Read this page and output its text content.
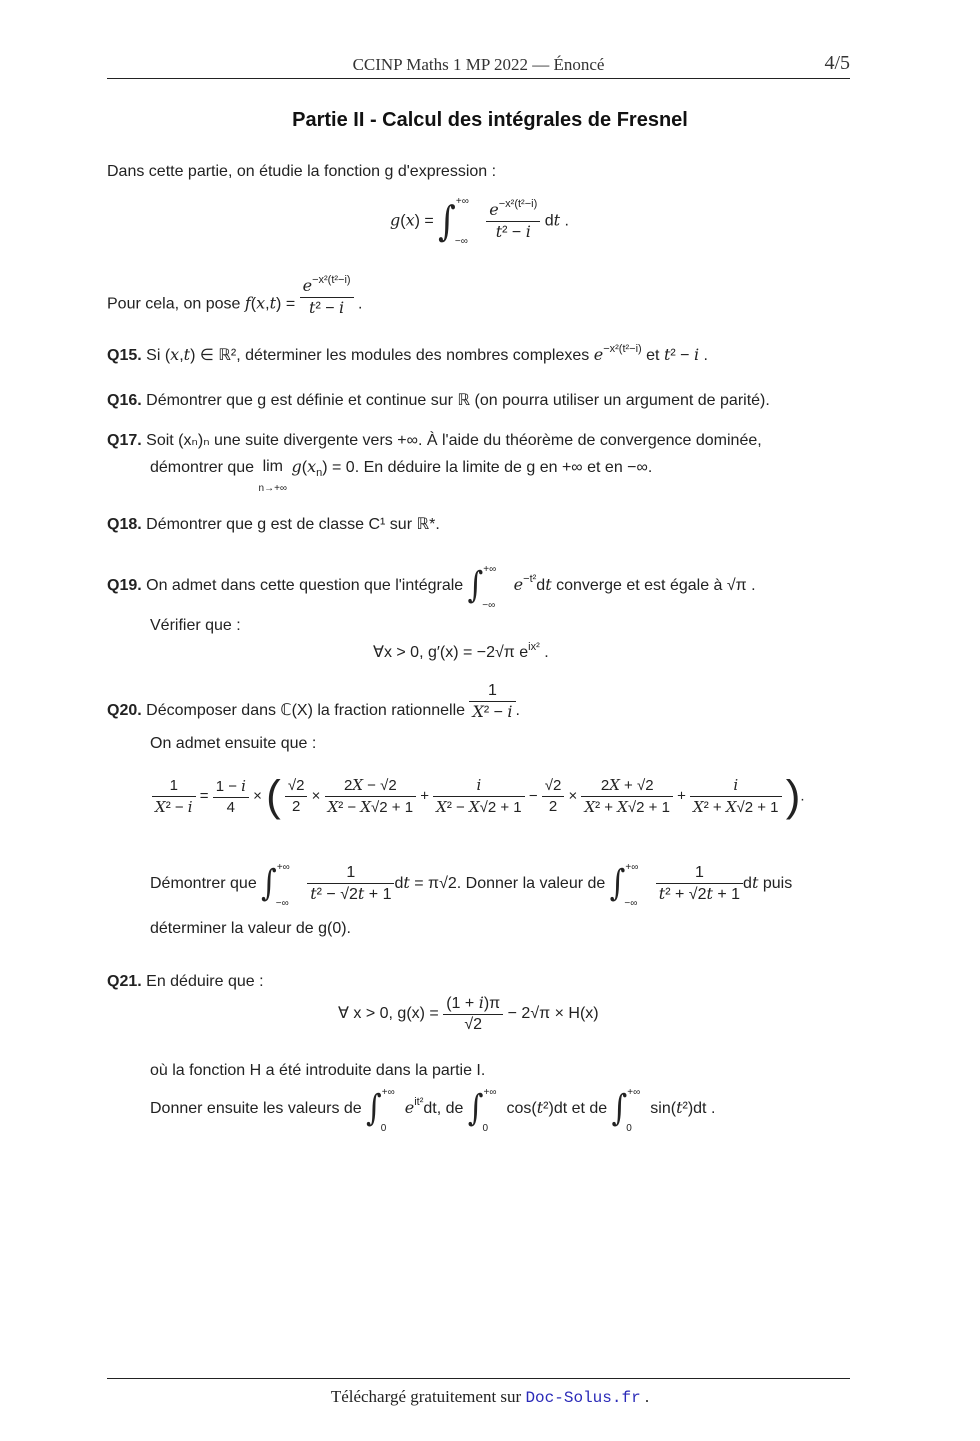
CCINP Maths 1 MP 2022 — Énoncé	4/5
Partie II - Calcul des intégrales de Fresnel
Dans cette partie, on étudie la fonction g d'expression :
$g(x) = \int^{+\infty}_{-\infty} \frac{e^{-x^2(t^2-i)}}{\text{t² − i}}$ dt .
Pour cela, on pose $f(x,t) = \frac{e^{-x^2(t^2-i)}}{\text{t² − i}}$ .
Q15. Si (x,t) ∈ ℝ², déterminer les modules des nombres complexes $e^{-x^2(t^2-i)}$ et t² − i .
Q16. Démontrer que g est définie et continue sur ℝ (on pourra utiliser un argument de parité).
Q17. Soit (xₙ)ₙ une suite divergente vers +∞. À l'aide du théorème de convergence dominée,
démontrer que lim
n→+∞ $g(x_n) = 0$. En déduire la limite de g en +∞ et en −∞.
Q18. Démontrer que g est de classe C¹ sur ℝ*.
Q19. On admet dans cette question que l'intégrale $\int^{+\infty}_{-\infty}$ $e^{-t^2}dt$ converge et est égale à √π .
Vérifier que :
∀x > 0, g′(x) = −2√π $e^{ix^2}$ .
Q20. Décomposer dans ℂ(X) la fraction rationnelle $\frac{1}{\text{X² − i}}$ .
On admet ensuite que :
$\frac{1}{\text{X² − i}} = \frac{1 - i}{4}$ × ( $\frac{√2}{2} \times \frac{2X - √2}{\text{X² − X√2 + 1}} + \frac{i}{\text{X² − X√2 + 1}} - \frac{√2}{2} \times \frac{2X + √2}{\text{X² + X√2 + 1}} + \frac{i}{\text{X² + X√2 + 1}}$ ).
Démontrer que $\int^{+\infty}_{-\infty} \frac{1}{\text{t² − √2t + 1}}$ dt = π√2. Donner la valeur de $\int^{+\infty}_{-\infty} \frac{1}{\text{t² + √2t + 1}}$ dt puis
déterminer la valeur de g(0).
Q21. En déduire que :
∀ x > 0, $g(x) = \frac{(1 + i)\pi}{√2} - 2√\pi \times H(x)$
où la fonction H a été introduite dans la partie I.
Donner ensuite les valeurs de $\int^{+\infty}_0$ $e^{it^2}dt$, de $\int^{+\infty}_0$ cos(t²)dt et de $\int^{+\infty}_0$ sin(t²)dt .
Téléchargé gratuitement sur Doc-Solus.fr .
